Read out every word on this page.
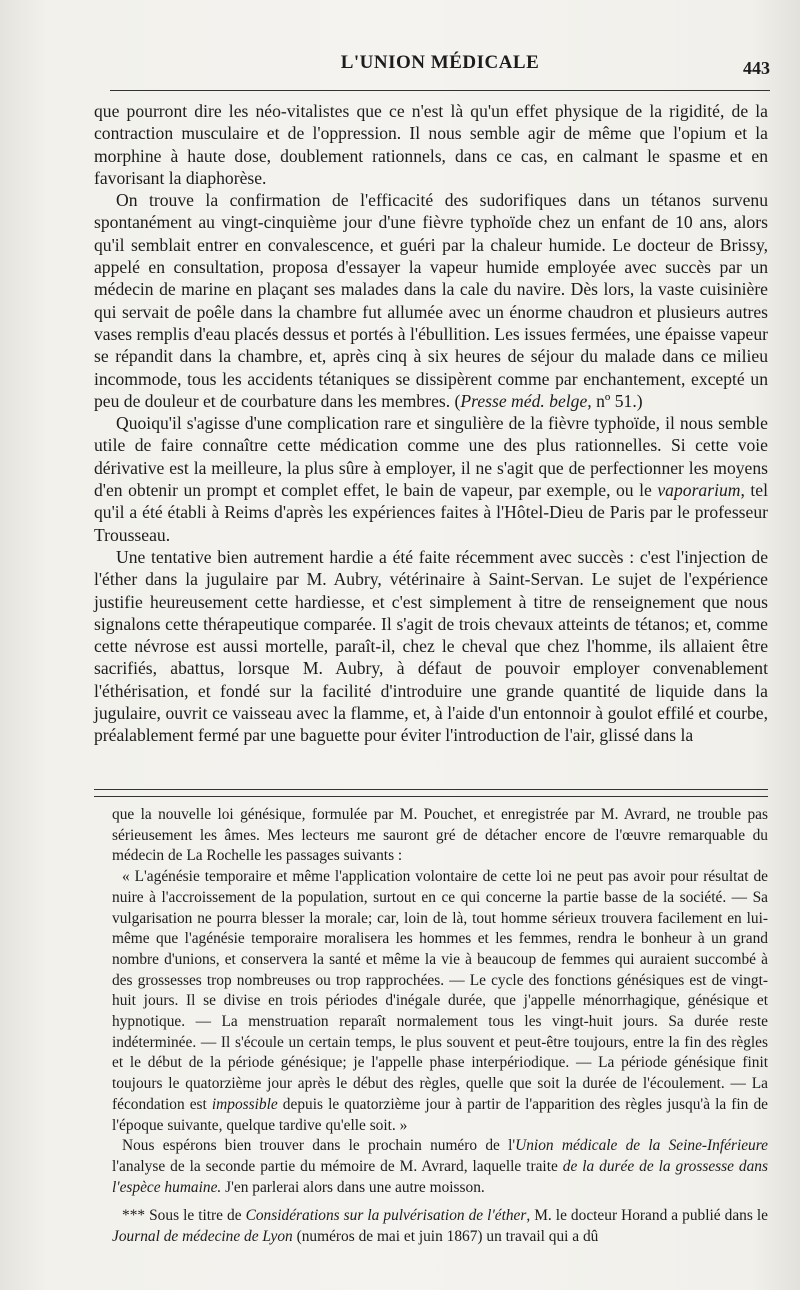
L'UNION MÉDICALE	443

que pourront dire les néo-vitalistes que ce n'est là qu'un effet physique de la rigidité, de la contraction musculaire et de l'oppression. Il nous semble agir de même que l'opium et la morphine à haute dose, doublement rationnels, dans ce cas, en calmant le spasme et en favorisant la diaphorèse.

On trouve la confirmation de l'efficacité des sudorifiques dans un tétanos survenu spontanément au vingt-cinquième jour d'une fièvre typhoïde chez un enfant de 10 ans, alors qu'il semblait entrer en convalescence, et guéri par la chaleur humide. Le docteur de Brissy, appelé en consultation, proposa d'essayer la vapeur humide employée avec succès par un médecin de marine en plaçant ses malades dans la cale du navire. Dès lors, la vaste cuisinière qui servait de poêle dans la chambre fut allumée avec un énorme chaudron et plusieurs autres vases remplis d'eau placés dessus et portés à l'ébullition. Les issues fermées, une épaisse vapeur se répandit dans la chambre, et, après cinq à six heures de séjour du malade dans ce milieu incommode, tous les accidents tétaniques se dissipèrent comme par enchantement, excepté un peu de douleur et de courbature dans les membres. (Presse méd. belge, nº 51.)

Quoiqu'il s'agisse d'une complication rare et singulière de la fièvre typhoïde, il nous semble utile de faire connaître cette médication comme une des plus rationnelles. Si cette voie dérivative est la meilleure, la plus sûre à employer, il ne s'agit que de perfectionner les moyens d'en obtenir un prompt et complet effet, le bain de vapeur, par exemple, ou le vaporarium, tel qu'il a été établi à Reims d'après les expériences faites à l'Hôtel-Dieu de Paris par le professeur Trousseau.

Une tentative bien autrement hardie a été faite récemment avec succès : c'est l'injection de l'éther dans la jugulaire par M. Aubry, vétérinaire à Saint-Servan. Le sujet de l'expérience justifie heureusement cette hardiesse, et c'est simplement à titre de renseignement que nous signalons cette thérapeutique comparée. Il s'agit de trois chevaux atteints de tétanos; et, comme cette névrose est aussi mortelle, paraît-il, chez le cheval que chez l'homme, ils allaient être sacrifiés, abattus, lorsque M. Aubry, à défaut de pouvoir employer convenablement l'éthérisation, et fondé sur la facilité d'introduire une grande quantité de liquide dans la jugulaire, ouvrit ce vaisseau avec la flamme, et, à l'aide d'un entonnoir à goulot effilé et courbe, préalablement fermé par une baguette pour éviter l'introduction de l'air, glissé dans la

que la nouvelle loi génésique, formulée par M. Pouchet, et enregistrée par M. Avrard, ne trouble pas sérieusement les âmes. Mes lecteurs me sauront gré de détacher encore de l'œuvre remarquable du médecin de La Rochelle les passages suivants :

« L'agénésie temporaire et même l'application volontaire de cette loi ne peut pas avoir pour résultat de nuire à l'accroissement de la population, surtout en ce qui concerne la partie basse de la société. — Sa vulgarisation ne pourra blesser la morale; car, loin de là, tout homme sérieux trouvera facilement en lui-même que l'agénésie temporaire moralisera les hommes et les femmes, rendra le bonheur à un grand nombre d'unions, et conservera la santé et même la vie à beaucoup de femmes qui auraient succombé à des grossesses trop nombreuses ou trop rapprochées. — Le cycle des fonctions génésiques est de vingt-huit jours. Il se divise en trois périodes d'inégale durée, que j'appelle ménorrhagique, génésique et hypnotique. — La menstruation reparaît normalement tous les vingt-huit jours. Sa durée reste indéterminée. — Il s'écoule un certain temps, le plus souvent et peut-être toujours, entre la fin des règles et le début de la période génésique; je l'appelle phase interpériodique. — La période génésique finit toujours le quatorzième jour après le début des règles, quelle que soit la durée de l'écoulement. — La fécondation est impossible depuis le quatorzième jour à partir de l'apparition des règles jusqu'à la fin de l'époque suivante, quelque tardive qu'elle soit. »

Nous espérons bien trouver dans le prochain numéro de l'Union médicale de la Seine-Inférieure l'analyse de la seconde partie du mémoire de M. Avrard, laquelle traite de la durée de la grossesse dans l'espèce humaine. J'en parlerai alors dans une autre moisson.

*** Sous le titre de Considérations sur la pulvérisation de l'éther, M. le docteur Horand a publié dans le Journal de médecine de Lyon (numéros de mai et juin 1867) un travail qui a dû
